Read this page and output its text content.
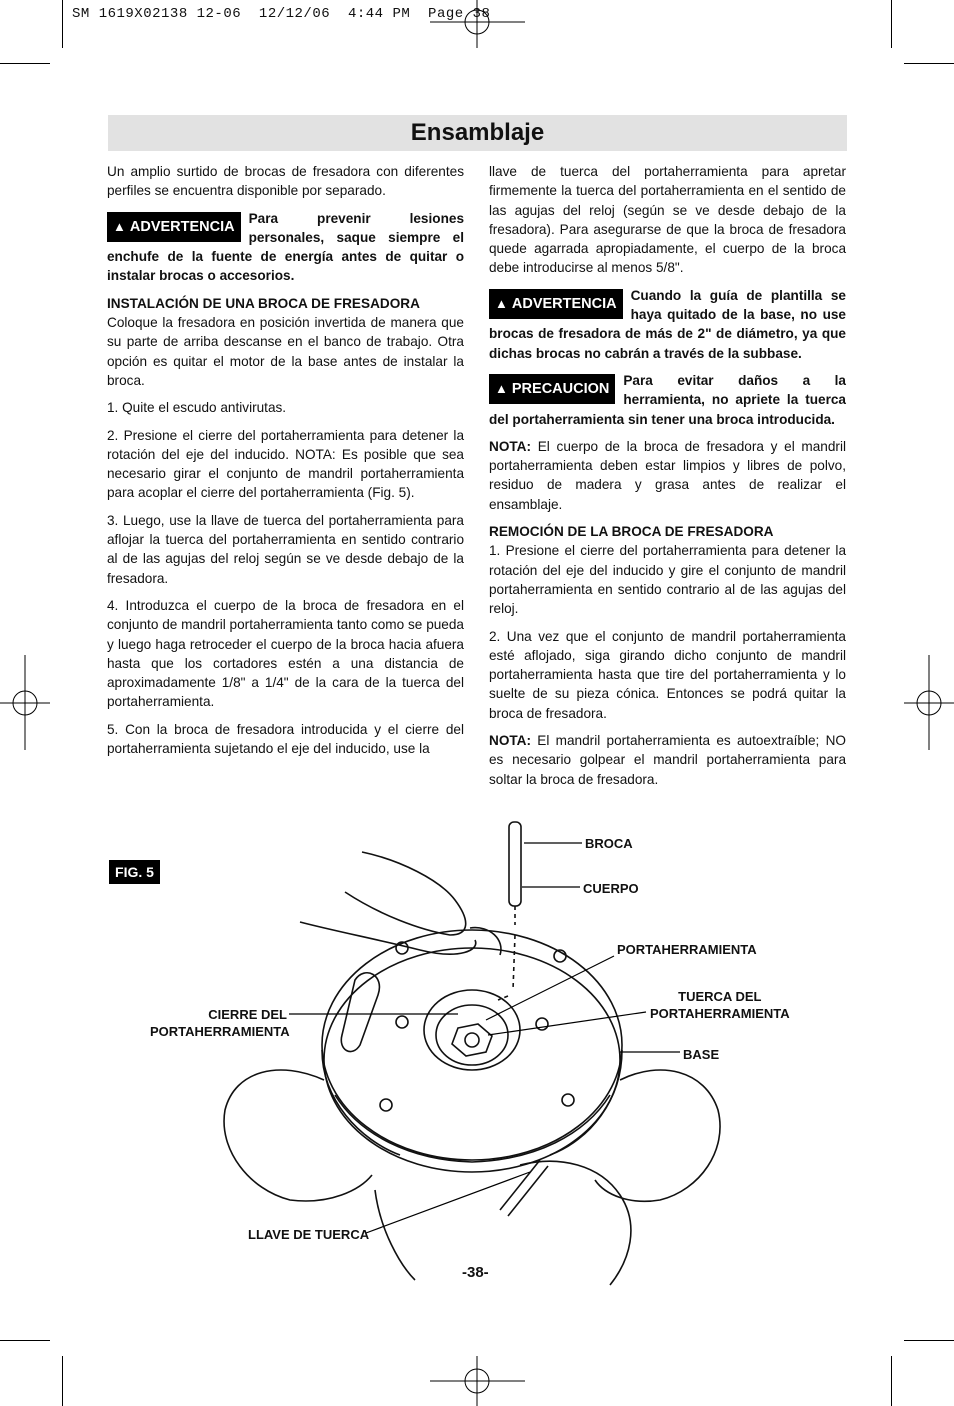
SM 1619X02138 12-06  12/12/06  4:44 PM  Page 38
Ensamblaje

Un amplio surtido de brocas de fresadora con diferentes perfiles se encuentra disponible por separado.

▲ ADVERTENCIA
Para prevenir lesiones personales, saque siempre el enchufe de la fuente de energía antes de quitar o instalar brocas o accesorios.

INSTALACIÓN DE UNA BROCA DE FRESADORA

Coloque la fresadora en posición invertida de manera que su parte de arriba descanse en el banco de trabajo. Otra opción es quitar el motor de la base antes de instalar la broca.

1. Quite el escudo antivirutas.

2. Presione el cierre del portaherramienta para detener la rotación del eje del inducido. NOTA: Es posible que sea necesario girar el conjunto de mandril portaherramienta para acoplar el cierre del portaherramienta (Fig. 5).

3. Luego, use la llave de tuerca del portaherramienta para aflojar la tuerca del portaherramienta en sentido contrario al de las agujas del reloj según se ve desde debajo de la fresadora.

4. Introduzca el cuerpo de la broca de fresadora en el conjunto de mandril portaherramienta tanto como se pueda y luego haga retroceder el cuerpo de la broca hacia afuera hasta que los cortadores estén a una distancia de aproximadamente 1/8" a 1/4" de la cara de la tuerca del portaherramienta.

5. Con la broca de fresadora introducida y el cierre del portaherramienta sujetando el eje del inducido, use la

llave de tuerca del portaherramienta para apretar firmemente la tuerca del portaherramienta en el sentido de las agujas del reloj (según se ve desde debajo de la fresadora). Para asegurarse de que la broca de fresadora quede agarrada apropiadamente, el cuerpo de la broca debe introducirse al menos 5/8".

▲ ADVERTENCIA
Cuando la guía de plantilla se haya quitado de la base, no use brocas de fresadora de más de 2" de diámetro, ya que dichas brocas no cabrán a través de la subbase.
▲ PRECAUCION
Para evitar daños a la herramienta, no apriete la tuerca del portaherramienta sin tener una broca introducida.

NOTA: El cuerpo de la broca de fresadora y el mandril portaherramienta deben estar limpios y libres de polvo, residuo de madera y grasa antes de realizar el ensamblaje.

REMOCIÓN DE LA BROCA DE FRESADORA

1. Presione el cierre del portaherramienta para detener la rotación del eje del inducido y gire el conjunto de mandril portaherramienta en sentido contrario al de las agujas del reloj.

2. Una vez que el conjunto de mandril portaherramienta esté aflojado, siga girando dicho conjunto de mandril portaherramienta hasta que tire del portaherramienta y lo suelte de su pieza cónica. Entonces se podrá quitar la broca de fresadora.

NOTA: El mandril portaherramienta es autoextraíble; NO es necesario golpear el mandril portaherramienta para soltar la broca de fresadora.

FIG. 5
BROCA
CUERPO
PORTAHERRAMIENTA
TUERCA DEL
PORTAHERRAMIENTA
BASE
CIERRE DEL
PORTAHERRAMIENTA
LLAVE DE TUERCA
-38-
